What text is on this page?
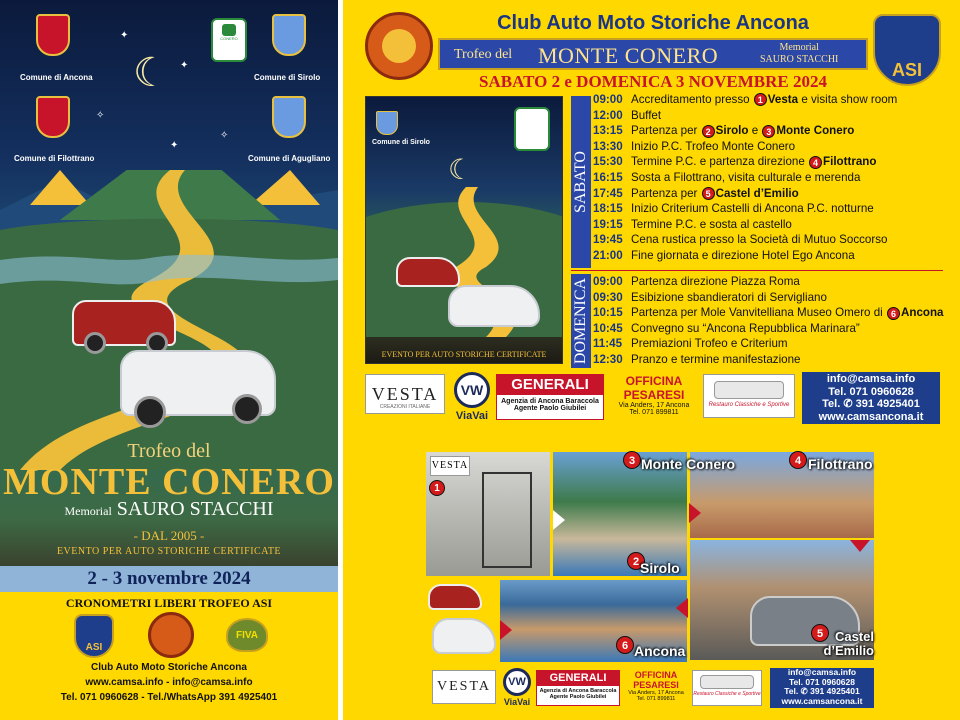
✦
✦
✧
✦
✧
☾
Comune di Ancona
CONERO
Comune di Sirolo
Comune di Filottrano	Comune di Agugliano
Trofeo del
MONTE CONERO
Memorial SAURO STACCHI
- DAL 2005 -
EVENTO PER AUTO STORICHE CERTIFICATE
2 - 3 novembre 2024
CRONOMETRI LIBERI TROFEO ASI
ASI
FIVA
Club Auto Moto Storiche Ancona
www.camsa.info - info@camsa.info
Tel. 071 0960628 - Tel./WhatsApp 391 4925401
Club Auto Moto Storiche Ancona
Trofeo del MONTE CONERO	Memorial
SAURO STACCHI
ASI
SABATO 2 e DOMENICA 3 NOVEMBRE 2024
Comune di Sirolo
☾
EVENTO PER AUTO STORICHE CERTIFICATE
SABATO
DOMENICA
09:00 Accreditamento presso 1 Vesta e visita show room
12:00 Buffet
13:15 Partenza per 2 Sirolo e 3 Monte Conero
13:30 Inizio P.C. Trofeo Monte Conero
15:30 Termine P.C. e partenza direzione 4 Filottrano
16:15 Sosta a Filottrano, visita culturale e merenda
17:45 Partenza per 5 Castel d’Emilio
18:15 Inizio Criterium Castelli di Ancona P.C. notturne
19:15 Termine P.C. e sosta al castello
19:45 Cena rustica presso la Società di Mutuo Soccorso
21:00 Fine giornata e direzione Hotel Ego Ancona
09:00 Partenza direzione Piazza Roma
09:30 Esibizione sbandieratori di Servigliano
10:15 Partenza per Mole Vanvitelliana Museo Omero di 6 Ancona
10:45 Convegno su “Ancona Repubblica Marinara”
11:45 Premiazioni Trofeo e Criterium
12:30 Pranzo e termine manifestazione
VESTA
CREAZIONI ITALIANE
VW
ViaVai
GENERALI
Agenzia di Ancona Baraccola
Agente Paolo Giubilei
OFFICINA
PESARESI
Via Anders, 17 Ancona
Tel. 071 899811
Restauro Classiche e Sportive
info@camsa.info
Tel. 071 0960628
Tel. ✆ 391 4925401
www.camsancona.it
VESTA
1
3 Monte Conero	4 Filottrano
2 Sirolo
6 Ancona
5 Castel d’Emilio
VESTA	VW
ViaVai
GENERALI
Agenzia di Ancona Baraccola
Agente Paolo Giubilei
OFFICINA
PESARESI
Via Anders, 17 Ancona
Tel. 071 899811
Restauro Classiche e Sportive
info@camsa.info
Tel. 071 0960628
Tel. ✆ 391 4925401
www.camsancona.it
